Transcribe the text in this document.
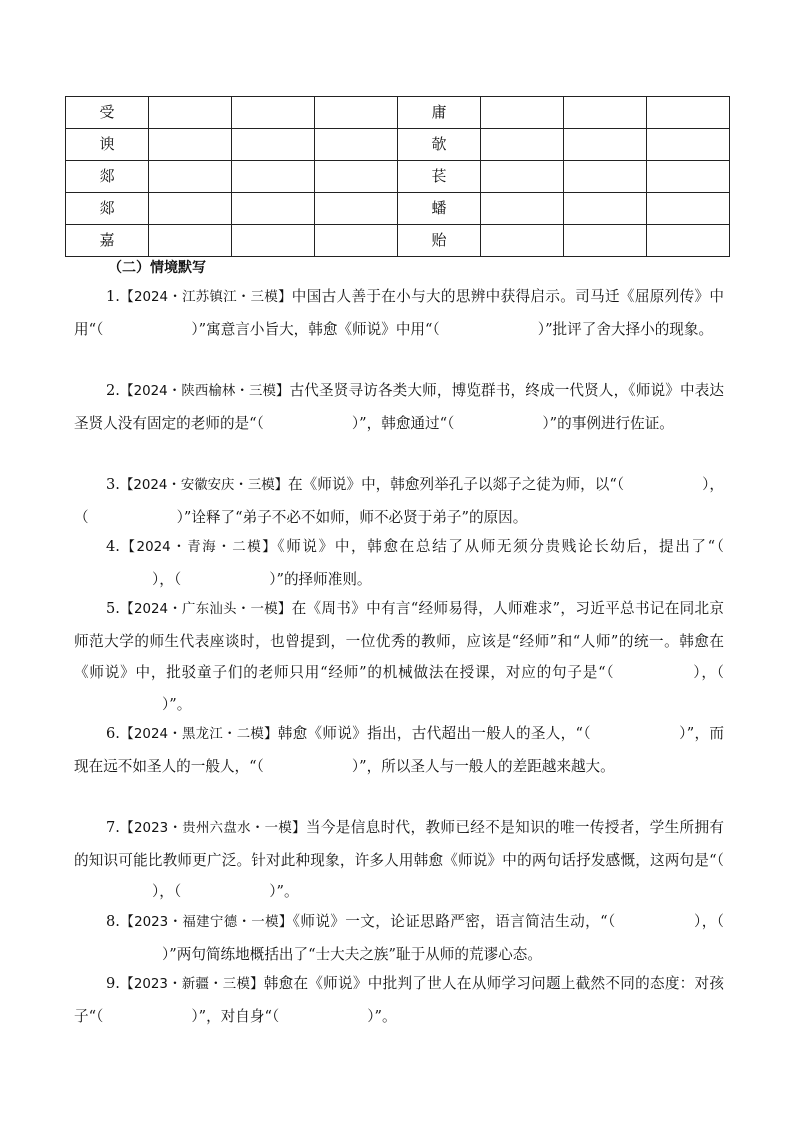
受				庸			
谀				欹			
郯				苌			
郯				蟠			
嘉				贻			
（二）情境默写
1.【2024・江苏镇江・三模】中国古人善于在小与大的思辨中获得启示。司马迁《屈原列传》中用“（	）”寓意言小旨大，韩愈《师说》中用“（	）”批评了舍大择小的现象。
2.【2024・陕西榆林・三模】古代圣贤寻访各类大师，博览群书，终成一代贤人，《师说》中表达圣贤人没有固定的老师的是“（	）”，韩愈通过“（	）”的事例进行佐证。
3.【2024・安徽安庆・三模】在《师说》中，韩愈列举孔子以郯子之徒为师，以“（	），（	）”诠释了“弟子不必不如师，师不必贤于弟子”的原因。
4.【2024・青海・二模】《师说》中，韩愈在总结了从师无须分贵贱论长幼后，提出了“（），（	）”的择师准则。
5.【2024・广东汕头・一模】在《周书》中有言“经师易得，人师难求”，习近平总书记在同北京师范大学的师生代表座谈时，也曾提到，一位优秀的教师，应该是“经师”和“人师”的统一。韩愈在《师说》中，批驳童子们的老师只用“经师”的机械做法在授课，对应的句子是“（	），（）”。
6.【2024・黑龙江・二模】韩愈《师说》指出，古代超出一般人的圣人，“（	）”，而现在远不如圣人的一般人，“（	）”，所以圣人与一般人的差距越来越大。
7.【2023・贵州六盘水・一模】当今是信息时代，教师已经不是知识的唯一传授者，学生所拥有的知识可能比教师更广泛。针对此种现象，许多人用韩愈《师说》中的两句话抒发感慨，这两句是“（），（	）”。
8.【2023・福建宁德・一模】《师说》一文，论证思路严密，语言简洁生动，“（	），（）”两句简练地概括出了“士大夫之族”耻于从师的荒谬心态。
9.【2023・新疆・三模】韩愈在《师说》中批判了世人在从师学习问题上截然不同的态度：对孩子“（	）”，对自身“（	）”。
